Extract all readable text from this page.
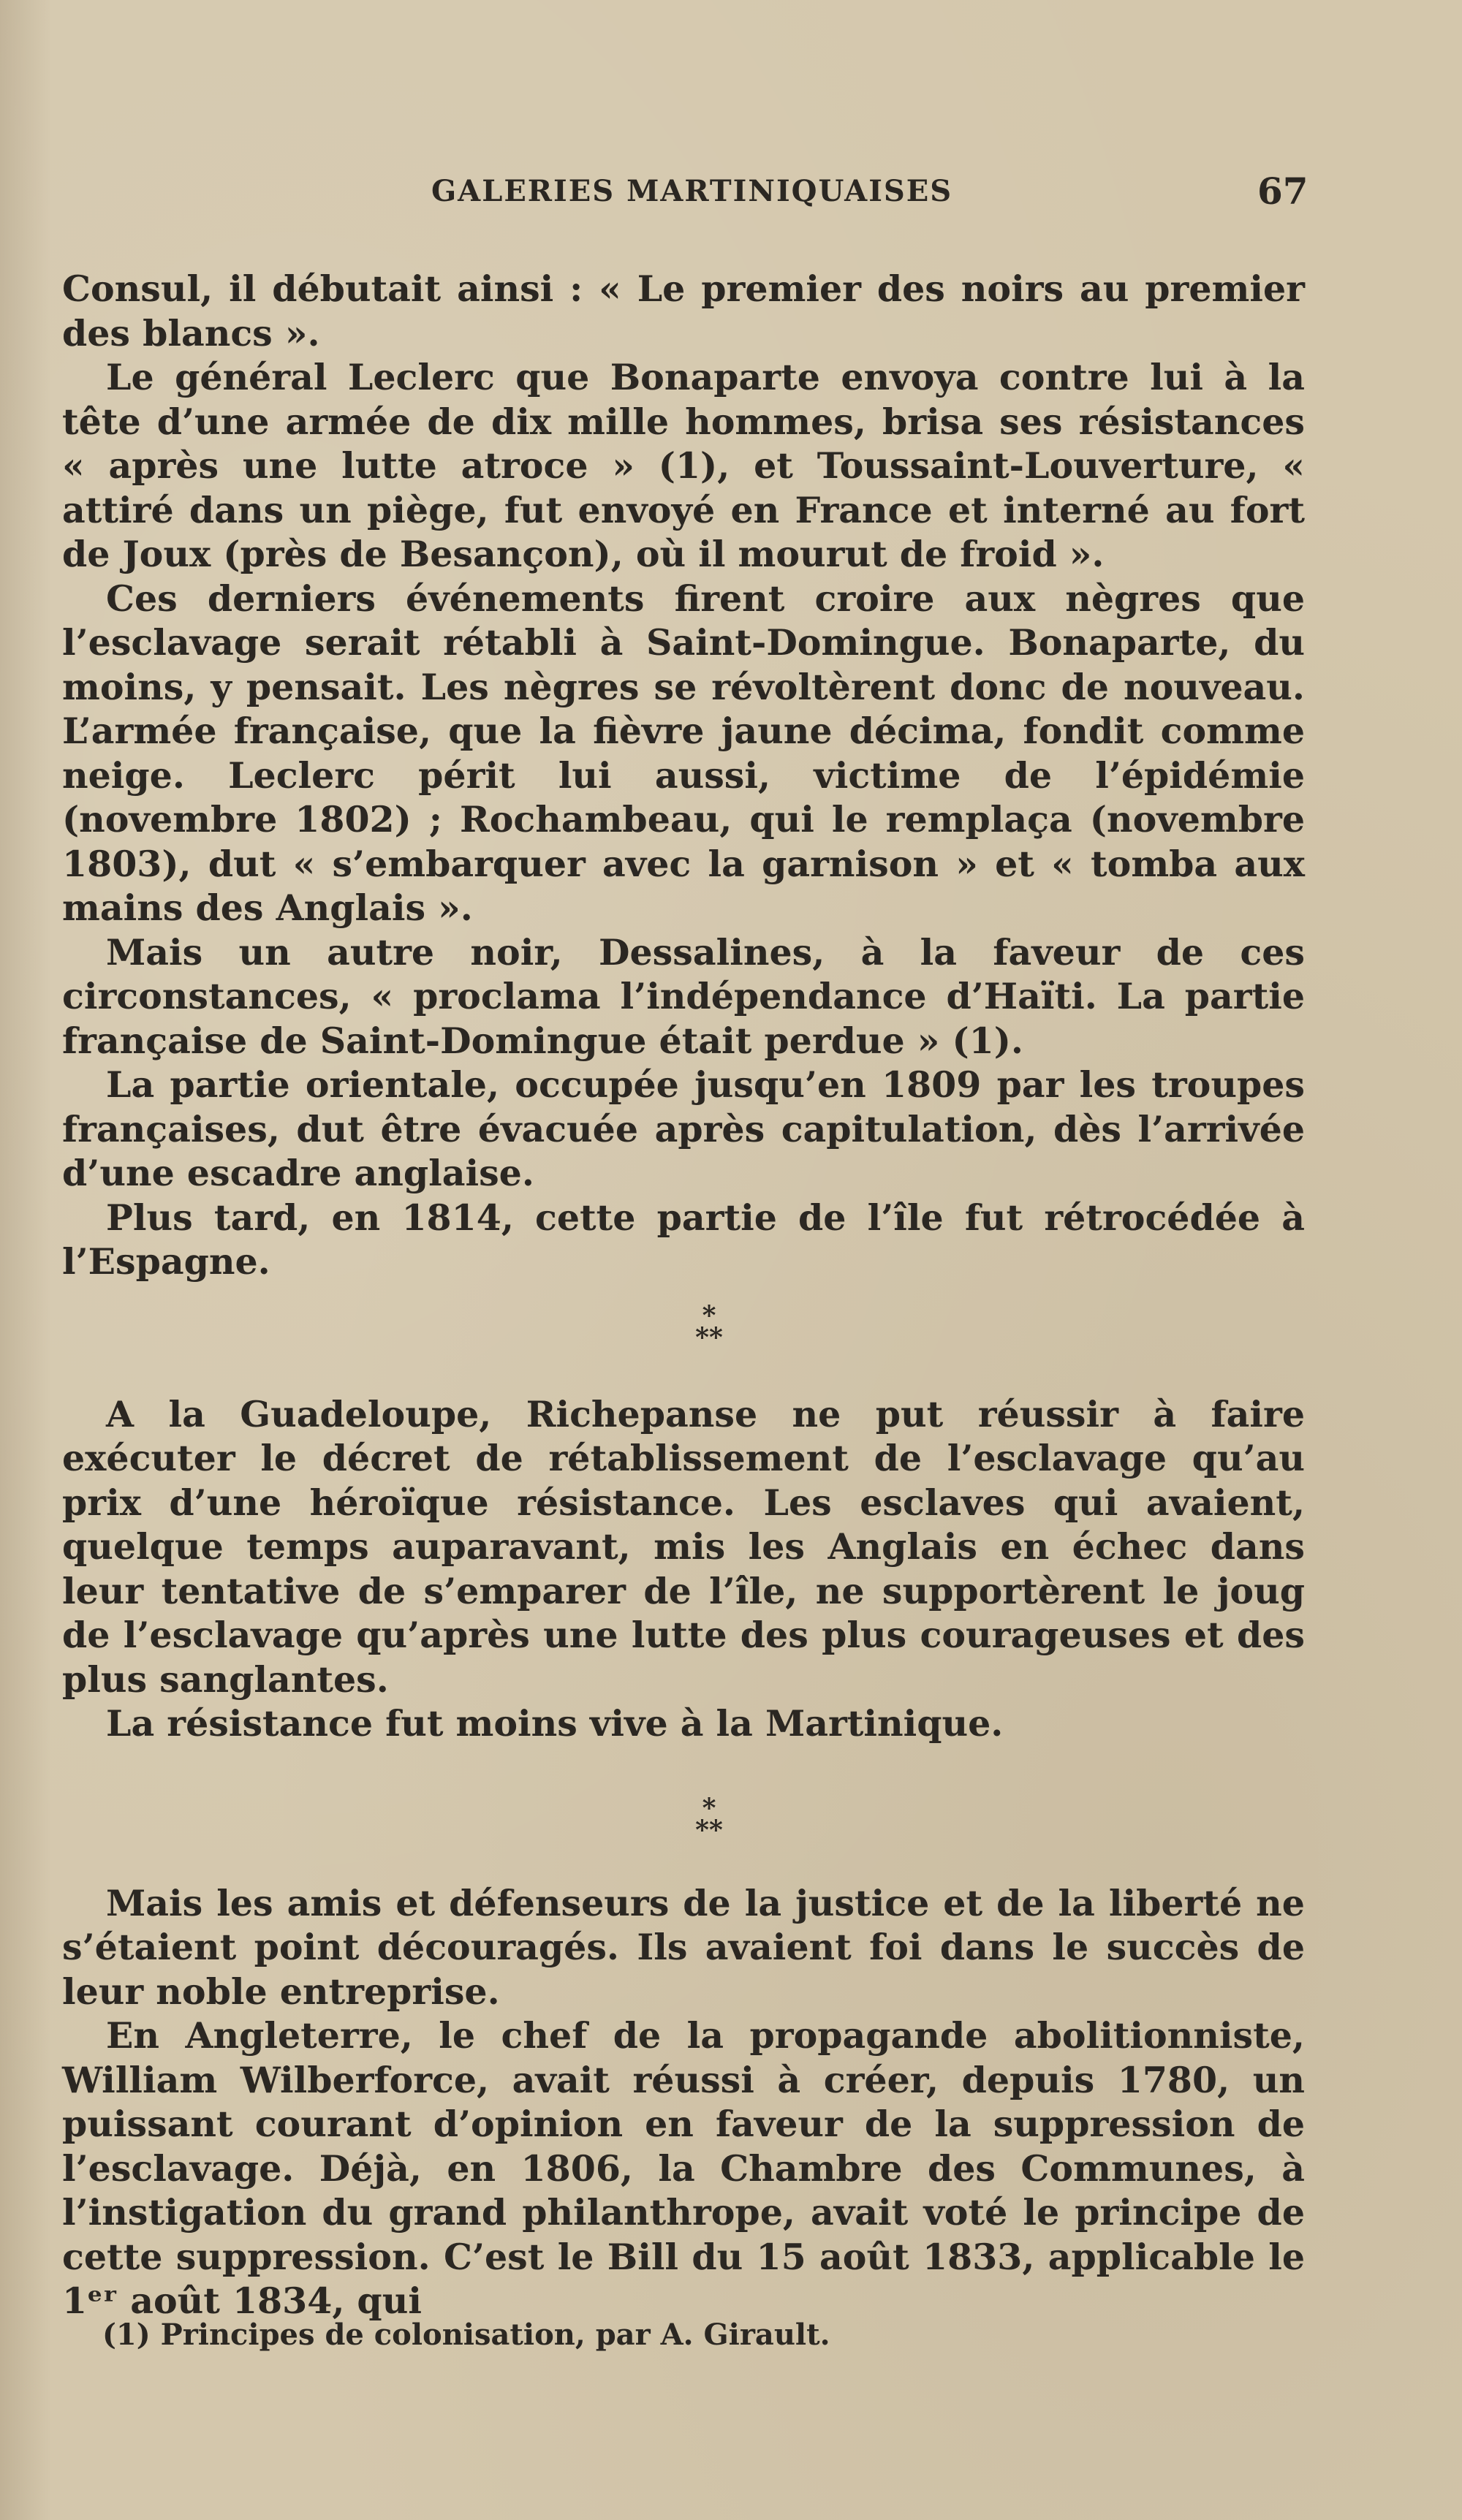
GALERIES MARTINIQUAISES	67

Consul, il débutait ainsi : « Le premier des noirs au premier des blancs ».

Le général Leclerc que Bonaparte envoya contre lui à la tête d’une armée de dix mille hommes, brisa ses résistances « après une lutte atroce » (1), et Toussaint-Louverture, « attiré dans un piège, fut envoyé en France et interné au fort de Joux (près de Besançon), où il mourut de froid ».

Ces derniers événements firent croire aux nègres que l’esclavage serait rétabli à Saint-Domingue. Bonaparte, du moins, y pensait. Les nègres se révoltèrent donc de nouveau. L’armée française, que la fièvre jaune décima, fondit comme neige. Leclerc périt lui aussi, victime de l’épidémie (novembre 1802) ; Rochambeau, qui le remplaça (novembre 1803), dut « s’embarquer avec la garnison » et « tomba aux mains des Anglais ».

Mais un autre noir, Dessalines, à la faveur de ces circonstances, « proclama l’indépendance d’Haïti. La partie française de Saint-Domingue était perdue » (1).

La partie orientale, occupée jusqu’en 1809 par les troupes françaises, dut être évacuée après capitulation, dès l’arrivée d’une escadre anglaise.

Plus tard, en 1814, cette partie de l’île fut rétrocédée à l’Espagne.

*
**

A la Guadeloupe, Richepanse ne put réussir à faire exécuter le décret de rétablissement de l’esclavage qu’au prix d’une héroïque résistance. Les esclaves qui avaient, quelque temps auparavant, mis les Anglais en échec dans leur tentative de s’emparer de l’île, ne supportèrent le joug de l’esclavage qu’après une lutte des plus courageuses et des plus sanglantes.

La résistance fut moins vive à la Martinique.

*
**

Mais les amis et défenseurs de la justice et de la liberté ne s’étaient point découragés. Ils avaient foi dans le succès de leur noble entreprise.

En Angleterre, le chef de la propagande abolitionniste, William Wilberforce, avait réussi à créer, depuis 1780, un puissant courant d’opinion en faveur de la suppression de l’esclavage. Déjà, en 1806, la Chambre des Communes, à l’instigation du grand philanthrope, avait voté le principe de cette suppression. C’est le Bill du 15 août 1833, applicable le 1ᵉʳ août 1834, qui

(1) Principes de colonisation, par A. Girault.
